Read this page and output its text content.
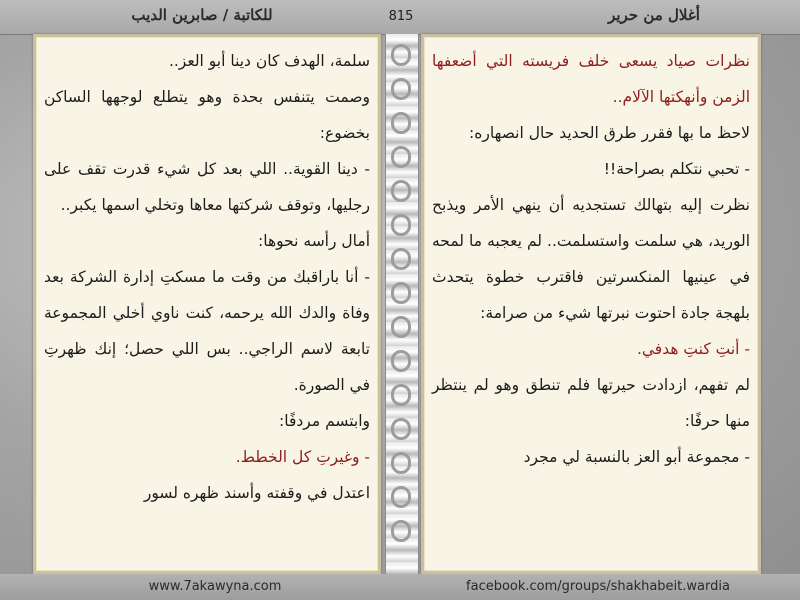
للكاتبة / صابرين الديب	815	أغلال من حرير

سلمة، الهدف كان دينا أبو العز..

وصمت يتنفس بحدة وهو يتطلع لوجهها الساكن بخضوع:

- دينا القوية.. اللي بعد كل شيء قدرت تقف على رجليها، وتوقف شركتها معاها وتخلي اسمها يكبر..

أمال رأسه نحوها:

- أنا باراقبك من وقت ما مسكتِ إدارة الشركة بعد وفاة والدك الله يرحمه، كنت ناوي أخلي المجموعة تابعة لاسم الراجي.. بس اللي حصل؛ إنك ظهرتِ في الصورة.

وابتسم مردفًا:

- وغيرتِ كل الخطط.

اعتدل في وقفته وأسند ظهره لسور

نظرات صياد يسعى خلف فريسته التي أضعفها الزمن وأنهكتها الآلام..

لاحظ ما بها فقرر طرق الحديد حال انصهاره:

- تحبي نتكلم بصراحة!!

نظرت إليه بتهالك تستجديه أن ينهي الأمر ويذبح الوريد، هي سلمت واستسلمت.. لم يعجبه ما لمحه في عينيها المنكسرتين فاقترب خطوة يتحدث بلهجة جادة احتوت نبرتها شيء من صرامة:

- أنتِ كنتِ هدفي.

لم تفهم، ازدادت حيرتها فلم تنطق وهو لم ينتظر منها حرفًا:

- مجموعة أبو العز بالنسبة لي مجرد

www.7akawyna.com	facebook.com/groups/shakhabeit.wardia
